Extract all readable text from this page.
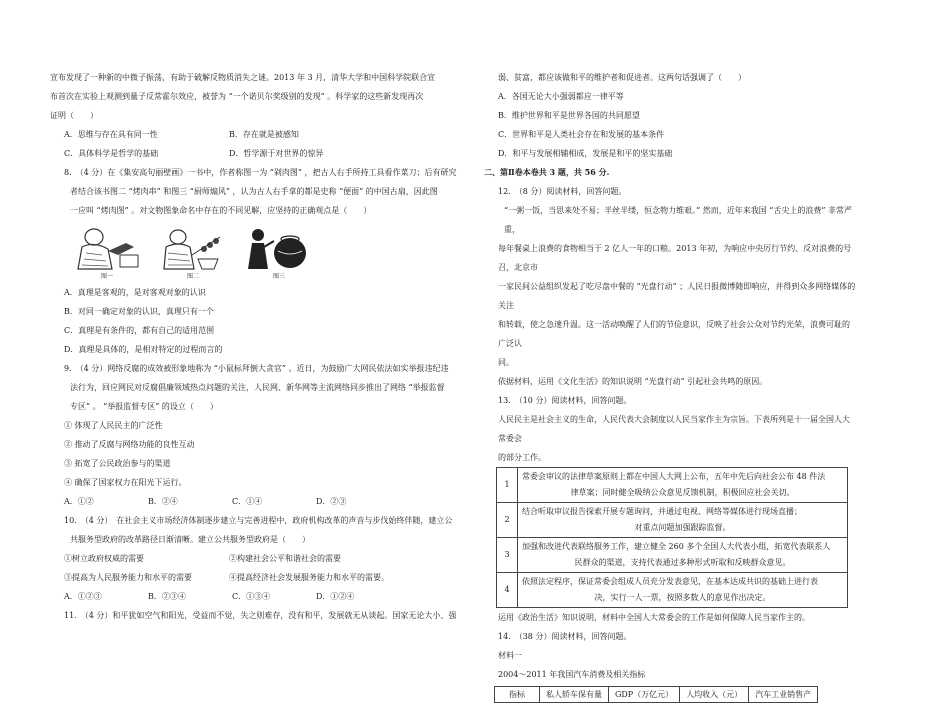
宣布发现了一种新的中微子振荡，有助于破解反物质消失之谜。2013 年 3 月，清华大学和中国科学院联合宣

布首次在实验上观测到量子反常霍尔效应，被誉为 “一个诺贝尔奖级别的发现” 。科学家的这些新发现再次

证明（　　）

A．思维与存在具有同一性	B．存在就是被感知
C．具体科学是哲学的基础	D．哲学源于对世界的惊异

8.　（4 分）在《集安高句丽壁画》一书中，作者称图一为 “剁肉图” ，把古人右手所持工具看作菜刀；后有研究

者结合该书图二 “烤肉串” 和图三 “厨师煽风” ，认为古人右手拿的都是史称 “便面” 的中国古扇，因此图

一应叫 “烤肉图” 。对文物图象命名中存在的不同见解，应坚持的正确观点是（　　）

图一	图二	图三

A．真理是客观的，是对客观对象的认识

B．对同一确定对象的认识，真理只有一个

C．真理是有条件的，都有自己的适用范围

D．真理是具体的，是相对特定的过程而言的

9.　（4 分）网络反腐的成效被形象地称为 “小鼠标拜倒大贪官” 。近日，为鼓励广大网民依法如实举报违纪违

法行为，回应网民对反腐倡廉领域热点问题的关注，人民网、新华网等主流网络同步推出了网络 “举报监督

专区” 。 “举报监督专区” 的设立（　　）

① 体现了人民民主的广泛性

② 推动了反腐与网络功能的良性互动

③ 拓宽了公民政治参与的渠道

④ 确保了国家权力在阳光下运行。

A．①②	B．②④	C．①④	D．②③

10.　（4 分）　在社会主义市场经济体制逐步建立与完善进程中，政府机构改革的声音与步伐始终伴随，建立公

共服务型政府的改革路径日渐清晰。建立公共服务型政府是（　　）

①树立政府权威的需要	②构建社会公平和谐社会的需要
③提高为人民服务能力和水平的需要	④提高经济社会发展服务能力和水平的需要。
A．①②③	B．②③④	C．①③④	D．①②④

11.　（4 分）和平犹如空气和阳光，受益而不觉，失之则难存，没有和平，发展就无从谈起。国家无论大小、强

弱、贫富，都应该做和平的维护者和促进者。这两句话强调了（　　）

A．各国无论大小强弱都应一律平等

B．维护世界和平是世界各国的共同愿望

C．世界和平是人类社会存在和发展的基本条件

D．和平与发展相辅相成，发展是和平的坚实基础

二、第Ⅱ卷本卷共 3 题，共 56 分.

12.　（8 分）阅读材料，回答问题。

“一粥一饭，当思来处不易；半丝半缕，恒念物力维艰。” 然而，近年来我国 “舌尖上的浪费” 非常严重，

每年餐桌上浪费的食物相当于 2 亿人一年的口粮。2013 年初，为响应中央厉行节约、反对浪费的号召，北京市

一家民间公益组织发起了吃尽盘中餐的 “光盘行动” ；人民日报微博随即响应，并得到众多网络媒体的关注

和转载，使之急速升温。这一活动唤醒了人们的节俭意识，反映了社会公众对节约光荣，浪费可耻的广泛认

同。

依据材料，运用《文化生活》的知识说明 “光盘行动” 引起社会共鸣的原因。

13.　（10 分）阅读材料，回答问题。

人民民主是社会主义的生命，人民代表大会制度以人民当家作主为宗旨。下表所列是十一届全国人大常委会

的部分工作。

1	常委会审议的法律草案原则上都在中国人大网上公布，五年中先后向社会公布 48 件法
律草案；同时健全吸纳公众意见反馈机制，积极回应社会关切。

2	结合听取审议报告探索开展专题询问，并通过电视、网络等媒体进行现场直播；
对重点问题加强跟踪监督。

3	加强和改进代表联络服务工作，建立健全 260 多个全国人大代表小组，拓宽代表联系人
民群众的渠道，支持代表通过多种形式听取和反映群众意见。

4	依照法定程序，保证常委会组成人员充分发表意见，在基本达成共识的基础上进行表
决，实行一人一票，按照多数人的意见作出决定。

运用《政治生活》知识说明，材料中全国人大常委会的工作是如何保障人民当家作主的。

14.　（38 分）阅读材料，回答问题。

材料一

2004～2011 年我国汽车消费及相关指标

指标	私人轿车保有量	GDP（万亿元）	人均收入（元）	汽车工业销售产
